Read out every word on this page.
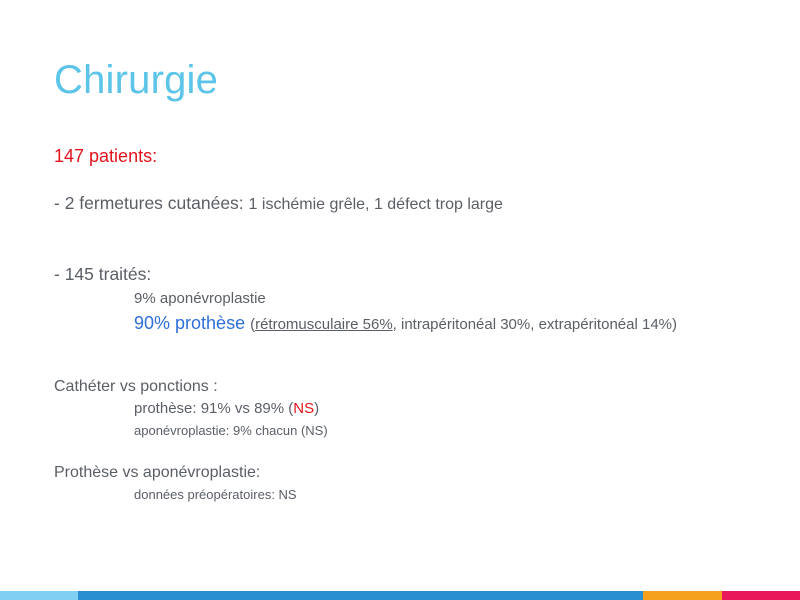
Chirurgie
147 patients:
- 2 fermetures cutanées: 1 ischémie grêle, 1 défect trop large
- 145 traités:
9% aponévroplastie
90% prothèse (rétromusculaire 56%, intrapéritonéal 30%, extrapéritonéal 14%)
Cathéter vs ponctions :
prothèse: 91% vs 89% (NS)
aponévroplastie: 9% chacun (NS)
Prothèse vs aponévroplastie:
données préopératoires: NS
